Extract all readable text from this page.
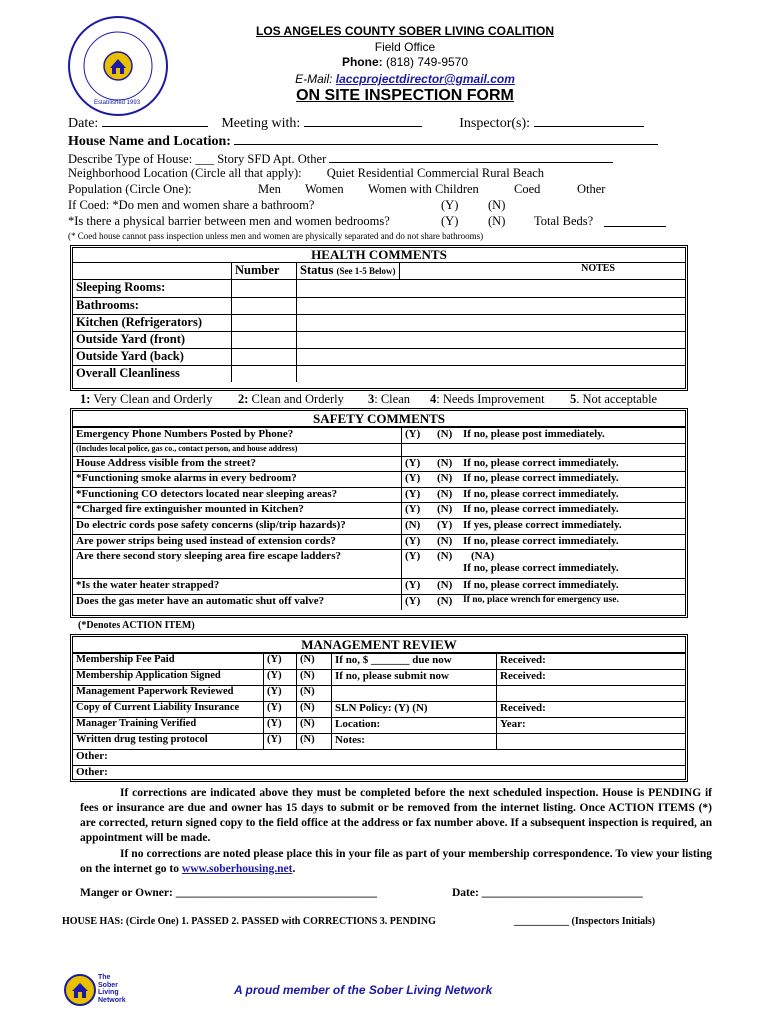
Established 1993
LOS ANGELES COUNTY SOBER LIVING COALITION
Field Office
Phone: (818) 749-9570
E-Mail: laccprojectdirector@gmail.com
ON SITE INSPECTION FORM
Date:	Meeting with:	Inspector(s):
House Name and Location:
Describe Type of House: ___ Story SFD Apt. Other
Neighborhood Location (Circle all that apply): Quiet Residential Commercial Rural Beach
Population (Circle One):	Men Women Women with Children	Coed	Other
If Coed: *Do men and women share a bathroom?	(Y) (N)
*Is there a physical barrier between men and women bedrooms?	(Y) (N) Total Beds?
(* Coed house cannot pass inspection unless men and women are physically separated and do not share bathrooms)
HEALTH COMMENTS
	Number	Status (See 1-5 Below)	NOTES
Sleeping Rooms:			
Bathrooms:			
Kitchen (Refrigerators)			
Outside Yard (front)			
Outside Yard (back)			
Overall Cleanliness			
1: Very Clean and Orderly 2: Clean and Orderly 3: Clean 4: Needs Improvement 5. Not acceptable
SAFETY COMMENTS
Emergency Phone Numbers Posted by Phone?	(Y)	(N)	If no, please post immediately.
(Includes local police, gas co., contact person, and house address)			
House Address visible from the street?	(Y)	(N)	If no, please correct immediately.
*Functioning smoke alarms in every bedroom?	(Y)	(N)	If no, please correct immediately.
*Functioning CO detectors located near sleeping areas?	(Y)	(N)	If no, please correct immediately.
*Charged fire extinguisher mounted in Kitchen?	(Y)	(N)	If no, please correct immediately.
Do electric cords pose safety concerns (slip/trip hazards)?	(N)	(Y)	If yes, please correct immediately.
Are power strips being used instead of extension cords?	(Y)	(N)	If no, please correct immediately.
Are there second story sleeping area fire escape ladders?	(Y)	(N)	(NA)
If no, please correct immediately.
*Is the water heater strapped?	(Y)	(N)	If no, please correct immediately.
Does the gas meter have an automatic shut off valve?	(Y)	(N)	If no, place wrench for emergency use.
(*Denotes ACTION ITEM)
MANAGEMENT REVIEW
Membership Fee Paid	(Y)	(N)	If no, $ _______ due now	Received:
Membership Application Signed	(Y)	(N)	If no, please submit now	Received:
Management Paperwork Reviewed	(Y)	(N)		
Copy of Current Liability Insurance	(Y)	(N)	SLN Policy: (Y) (N)	Received:
Manager Training Verified	(Y)	(N)	Location:	Year:
Written drug testing protocol	(Y)	(N)	Notes:	
Other:				
Other:				
If corrections are indicated above they must be completed before the next scheduled inspection. House is PENDING if fees or insurance are due and owner has 15 days to submit or be removed from the internet listing. Once ACTION ITEMS (*) are corrected, return signed copy to the field office at the address or fax number above. If a subsequent inspection is required, an appointment will be made.
If no corrections are noted please place this in your file as part of your membership correspondence. To view your listing on the internet go to www.soberhousing.net.
Manger or Owner: ___________________________________	Date: ____________________________
HOUSE HAS: (Circle One) 1. PASSED 2. PASSED with CORRECTIONS 3. PENDING	___________ (Inspectors Initials)
The
Sober
Living
Network
A proud member of the Sober Living Network
